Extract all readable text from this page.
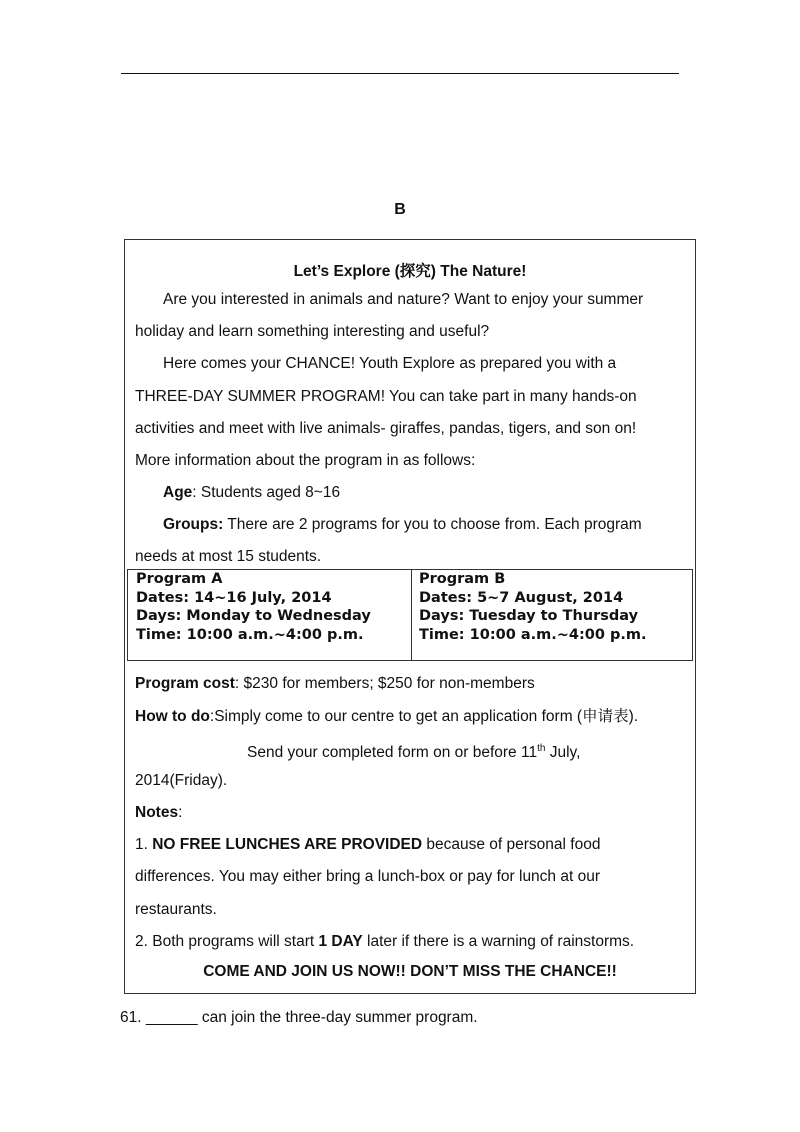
B
Let’s Explore (探究) The Nature!
Are you interested in animals and nature? Want to enjoy your summer
holiday and learn something interesting and useful?
Here comes your CHANCE! Youth Explore as prepared you with a
THREE-DAY SUMMER PROGRAM! You can take part in many hands-on
activities and meet with live animals- giraffes, pandas, tigers, and son on!
More information about the program in as follows:
Age: Students aged 8~16
Groups: There are 2 programs for you to choose from. Each program
needs at most 15 students.
Program A
Dates: 14~16 July, 2014
Days: Monday to Wednesday
Time: 10:00 a.m.~4:00 p.m.

Program B
Dates: 5~7 August, 2014
Days: Tuesday to Thursday
Time: 10:00 a.m.~4:00 p.m.
Program cost: $230 for members; $250 for non-members
How to do:Simply come to our centre to get an application form (申请表).
Send your completed form on or before 11th July,
2014(Friday).
Notes:
1. NO FREE LUNCHES ARE PROVIDED because of personal food
differences. You may either bring a lunch-box or pay for lunch at our
restaurants.
2. Both programs will start 1 DAY later if there is a warning of rainstorms.
COME AND JOIN US NOW!! DON’T MISS THE CHANCE!!
61. ______ can join the three-day summer program.
